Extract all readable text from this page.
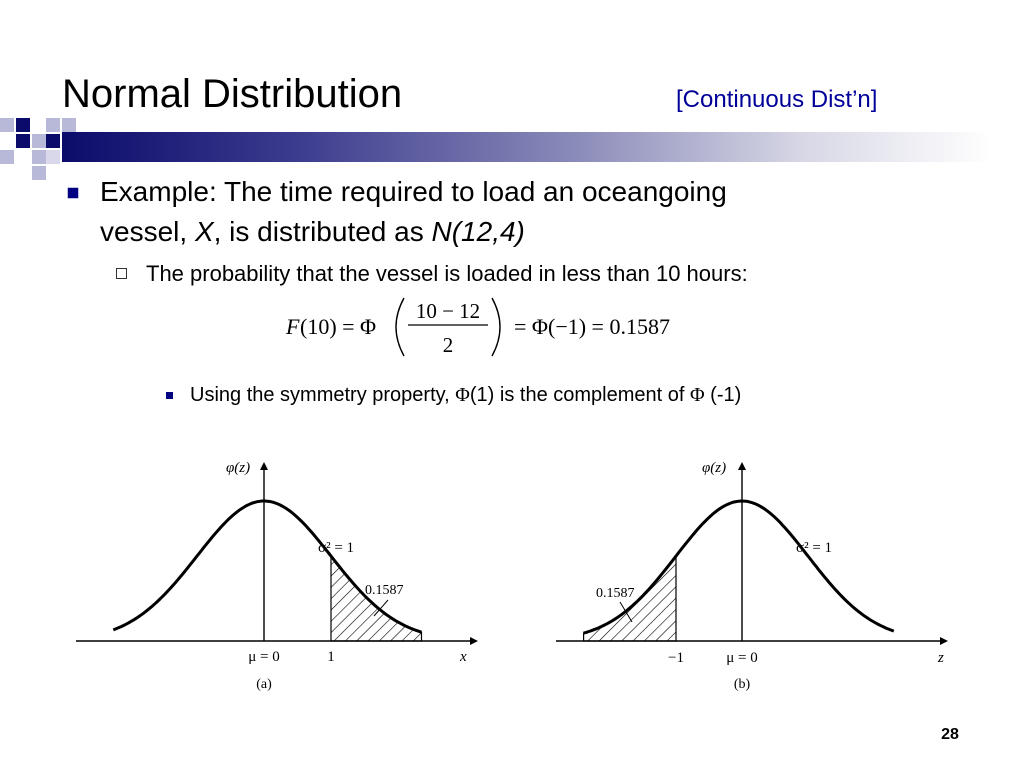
Normal Distribution	[Continuous Dist’n]
Example: The time required to load an oceangoing
vessel, X, is distributed as N(12,4)
The probability that the vessel is loaded in less than 10 hours:
F (10) = Φ
10 − 12
2
= Φ(−1) = 0.1587
Using the symmetry property, Φ(1) is the complement of Φ (-1)
φ(z)
σ² = 1
0.1587
μ = 0	1	x
(a)
φ(z)
σ² = 1
0.1587
−1	μ = 0	z
(b)
28
